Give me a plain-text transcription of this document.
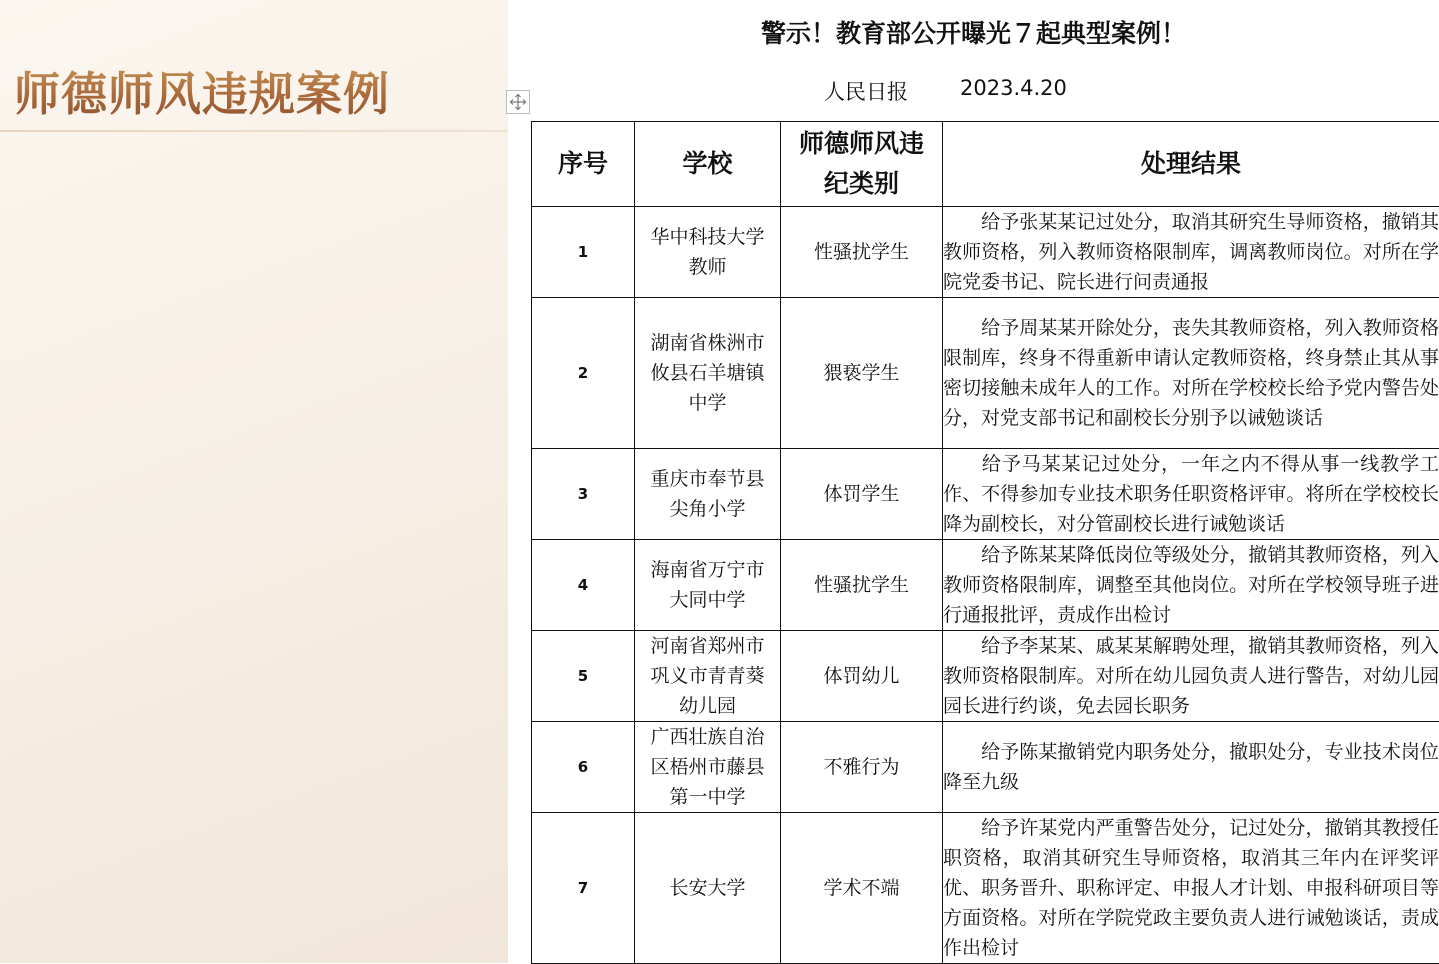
师德师风违规案例
警示！教育部公开曝光７起典型案例！
人民日报 2023.4.20
序号	学校	师德师风违纪类别	处理结果
1	华中科技大学教师	性骚扰学生	给予张某某记过处分，取消其研究生导师资格，撤销其教师资格，列入教师资格限制库，调离教师岗位。对所在学院党委书记、院长进行问责通报
2	湖南省株洲市攸县石羊塘镇中学	猥亵学生	给予周某某开除处分，丧失其教师资格，列入教师资格限制库，终身不得重新申请认定教师资格，终身禁止其从事密切接触未成年人的工作。对所在学校校长给予党内警告处分，对党支部书记和副校长分别予以诫勉谈话
3	重庆市奉节县尖角小学	体罚学生	给予马某某记过处分，一年之内不得从事一线教学工作、不得参加专业技术职务任职资格评审。将所在学校校长降为副校长，对分管副校长进行诫勉谈话
4	海南省万宁市大同中学	性骚扰学生	给予陈某某降低岗位等级处分，撤销其教师资格，列入教师资格限制库，调整至其他岗位。对所在学校领导班子进行通报批评，责成作出检讨
5	河南省郑州市巩义市青青葵幼儿园	体罚幼儿	给予李某某、戚某某解聘处理，撤销其教师资格，列入教师资格限制库。对所在幼儿园负责人进行警告，对幼儿园园长进行约谈，免去园长职务
6	广西壮族自治区梧州市藤县第一中学	不雅行为	给予陈某撤销党内职务处分，撤职处分，专业技术岗位降至九级
7	长安大学	学术不端	给予许某党内严重警告处分，记过处分，撤销其教授任职资格，取消其研究生导师资格，取消其三年内在评奖评优、职务晋升、职称评定、申报人才计划、申报科研项目等方面资格。对所在学院党政主要负责人进行诫勉谈话，责成作出检讨
